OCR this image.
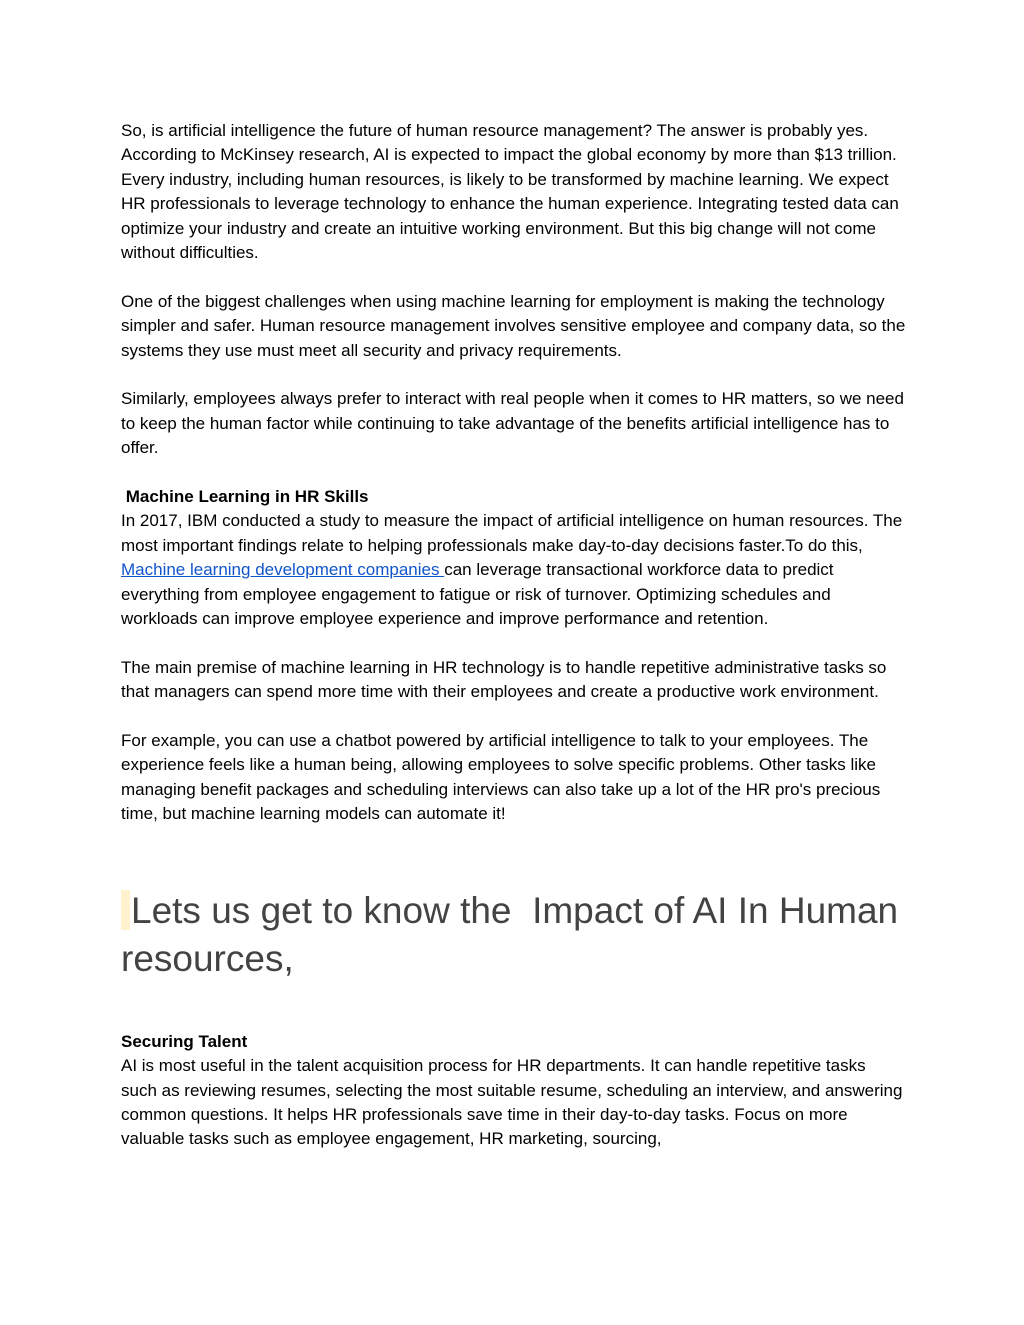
So, is artificial intelligence the future of human resource management? The answer is probably yes. According to McKinsey research, AI is expected to impact the global economy by more than $13 trillion. Every industry, including human resources, is likely to be transformed by machine learning. We expect HR professionals to leverage technology to enhance the human experience. Integrating tested data can optimize your industry and create an intuitive working environment. But this big change will not come without difficulties.

One of the biggest challenges when using machine learning for employment is making the technology simpler and safer. Human resource management involves sensitive employee and company data, so the systems they use must meet all security and privacy requirements.

Similarly, employees always prefer to interact with real people when it comes to HR matters, so we need to keep the human factor while continuing to take advantage of the benefits artificial intelligence has to offer.

Machine Learning in HR Skills

In 2017, IBM conducted a study to measure the impact of artificial intelligence on human resources. The most important findings relate to helping professionals make day-to-day decisions faster.To do this, Machine learning development companies can leverage transactional workforce data to predict everything from employee engagement to fatigue or risk of turnover. Optimizing schedules and workloads can improve employee experience and improve performance and retention.

The main premise of machine learning in HR technology is to handle repetitive administrative tasks so that managers can spend more time with their employees and create a productive work environment.

For example, you can use a chatbot powered by artificial intelligence to talk to your employees. The experience feels like a human being, allowing employees to solve specific problems. Other tasks like managing benefit packages and scheduling interviews can also take up a lot of the HR pro's precious time, but machine learning models can automate it!

Lets us get to know the  Impact of AI In Human resources,

Securing Talent

AI is most useful in the talent acquisition process for HR departments. It can handle repetitive tasks such as reviewing resumes, selecting the most suitable resume, scheduling an interview, and answering common questions. It helps HR professionals save time in their day-to-day tasks. Focus on more valuable tasks such as employee engagement, HR marketing, sourcing,
